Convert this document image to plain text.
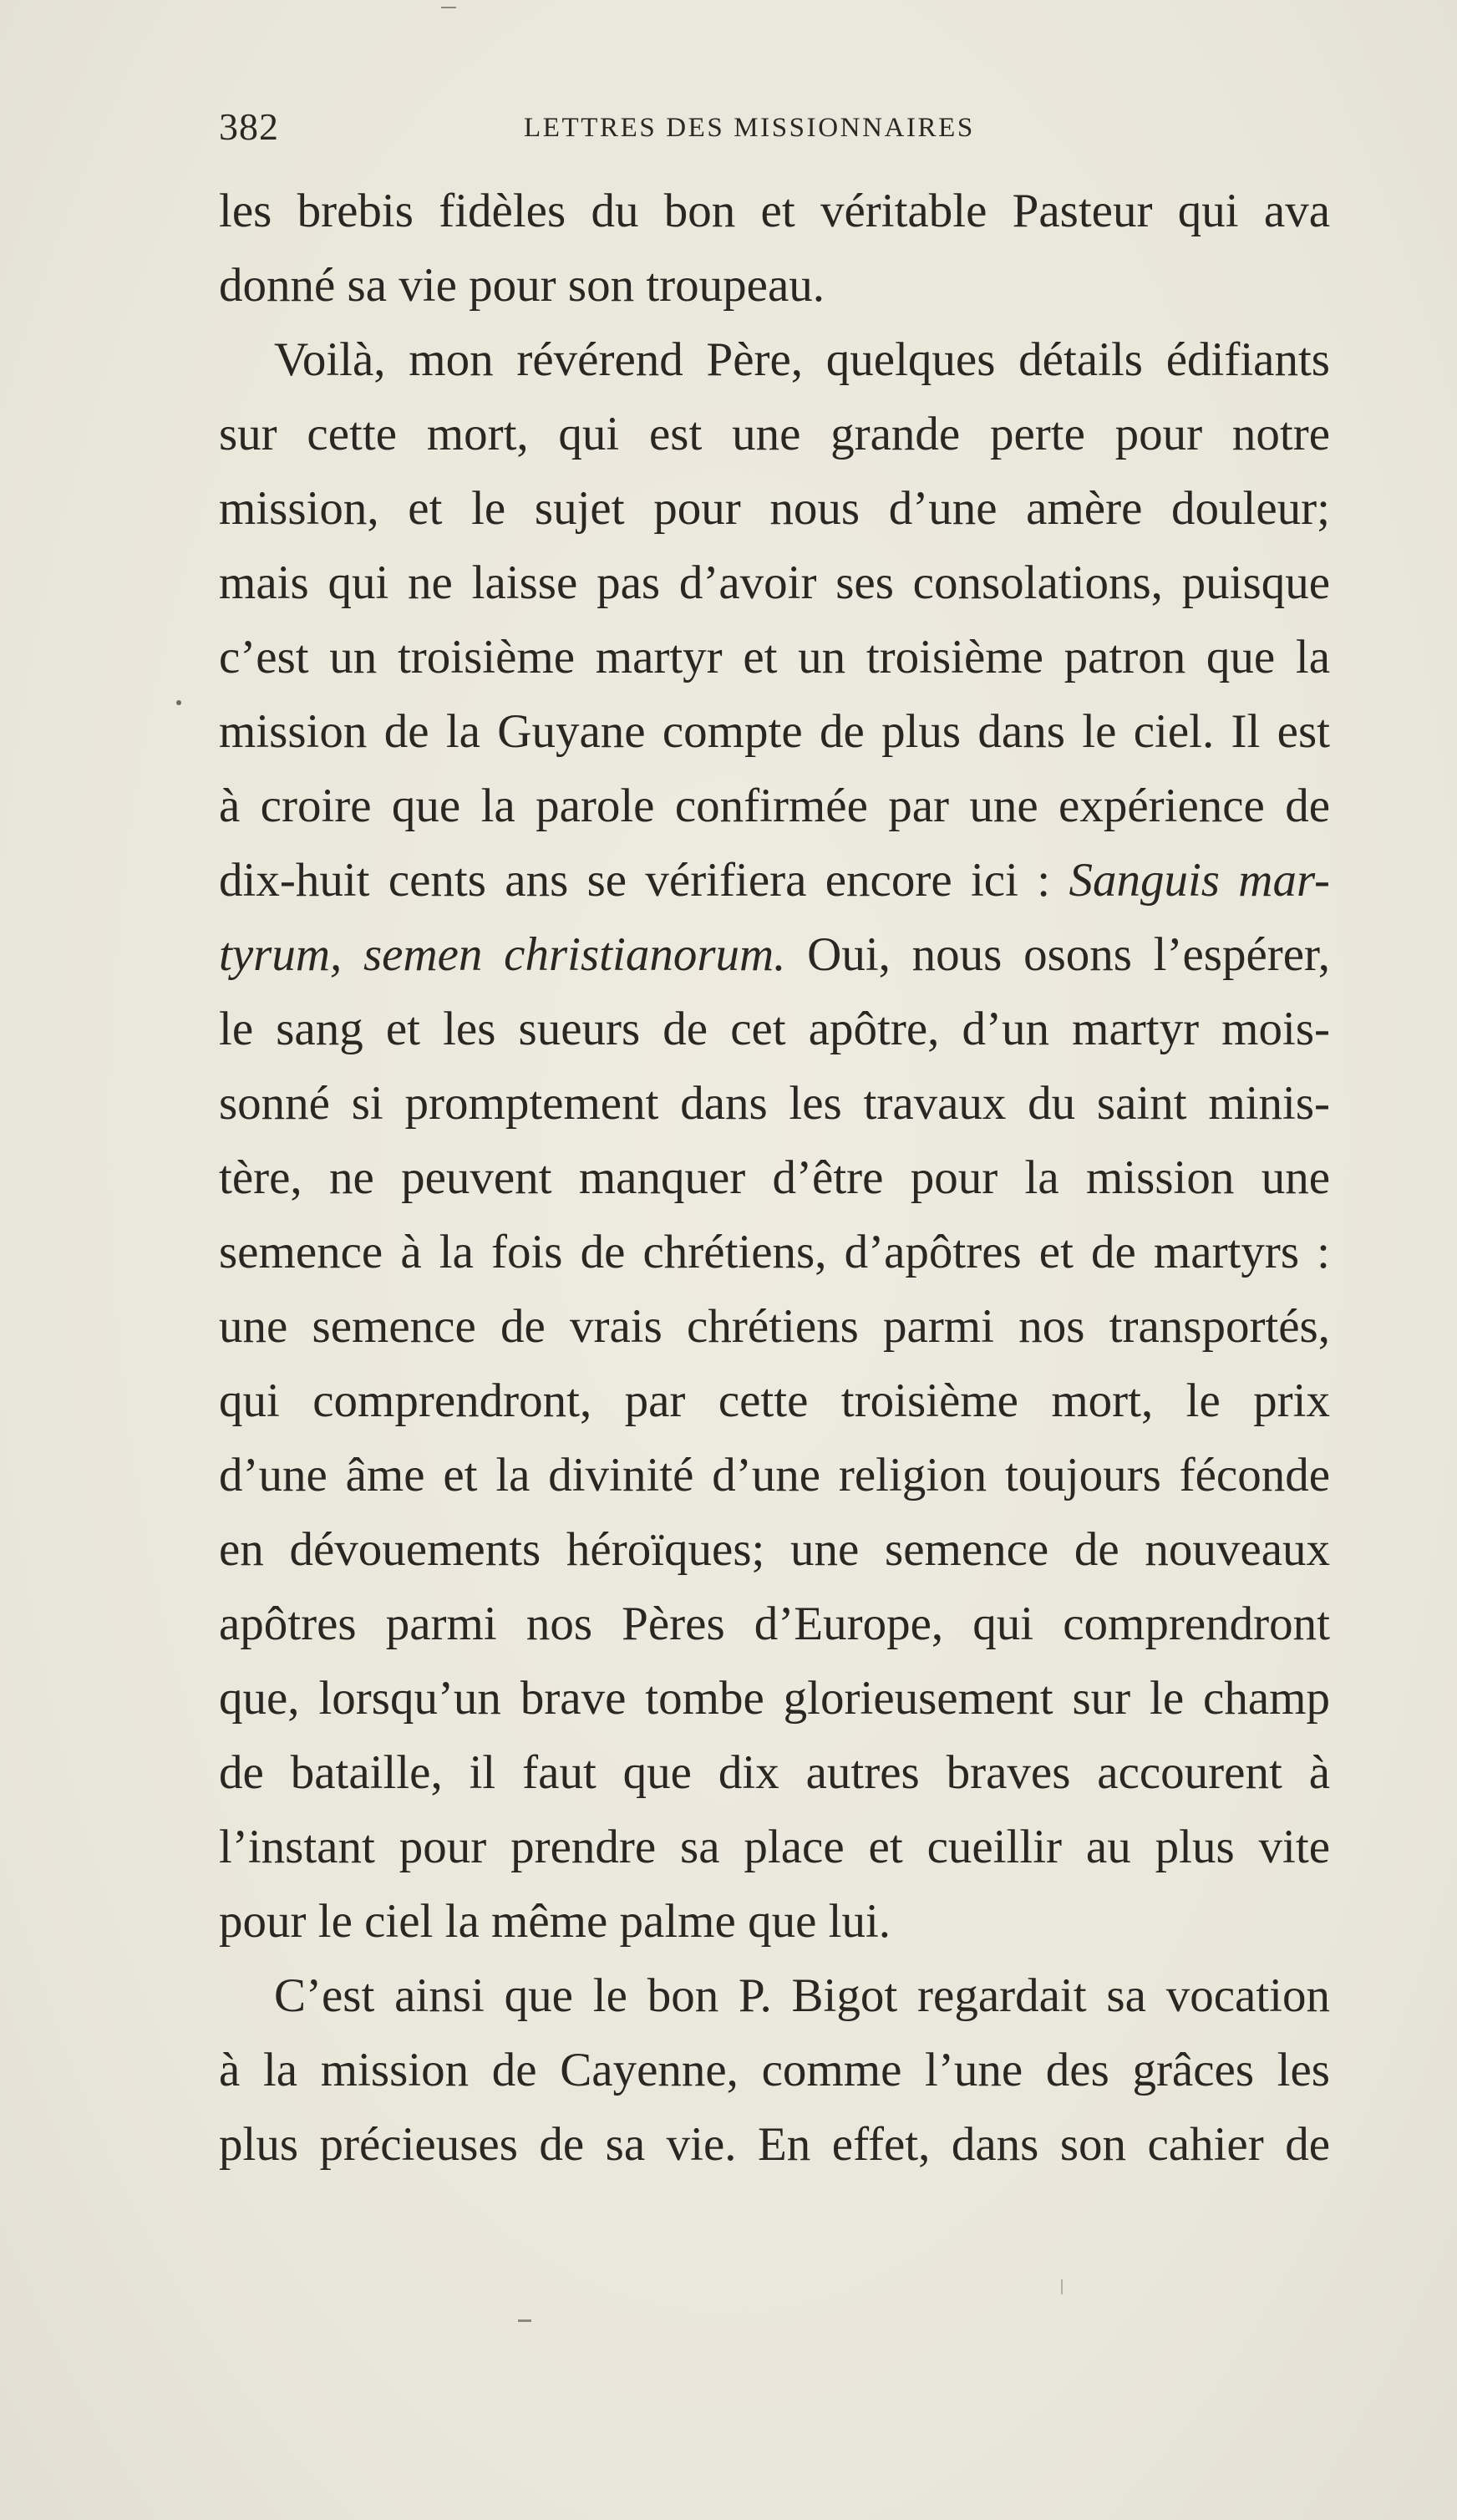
382	LETTRES DES MISSIONNAIRES
les brebis fidèles du bon et véritable Pasteur qui ava
donné sa vie pour son troupeau.
Voilà, mon révérend Père, quelques détails édifiants
sur cette mort, qui est une grande perte pour notre
mission, et le sujet pour nous d’une amère douleur;
mais qui ne laisse pas d’avoir ses consolations, puisque
c’est un troisième martyr et un troisième patron que la
mission de la Guyane compte de plus dans le ciel. Il est
à croire que la parole confirmée par une expérience de
dix-huit cents ans se vérifiera encore ici : Sanguis mar-
tyrum, semen christianorum. Oui, nous osons l’espérer,
le sang et les sueurs de cet apôtre, d’un martyr mois-
sonné si promptement dans les travaux du saint minis-
tère, ne peuvent manquer d’être pour la mission une
semence à la fois de chrétiens, d’apôtres et de martyrs :
une semence de vrais chrétiens parmi nos transportés,
qui comprendront, par cette troisième mort, le prix
d’une âme et la divinité d’une religion toujours féconde
en dévouements héroïques; une semence de nouveaux
apôtres parmi nos Pères d’Europe, qui comprendront
que, lorsqu’un brave tombe glorieusement sur le champ
de bataille, il faut que dix autres braves accourent à
l’instant pour prendre sa place et cueillir au plus vite
pour le ciel la même palme que lui.
C’est ainsi que le bon P. Bigot regardait sa vocation
à la mission de Cayenne, comme l’une des grâces les
plus précieuses de sa vie. En effet, dans son cahier de
